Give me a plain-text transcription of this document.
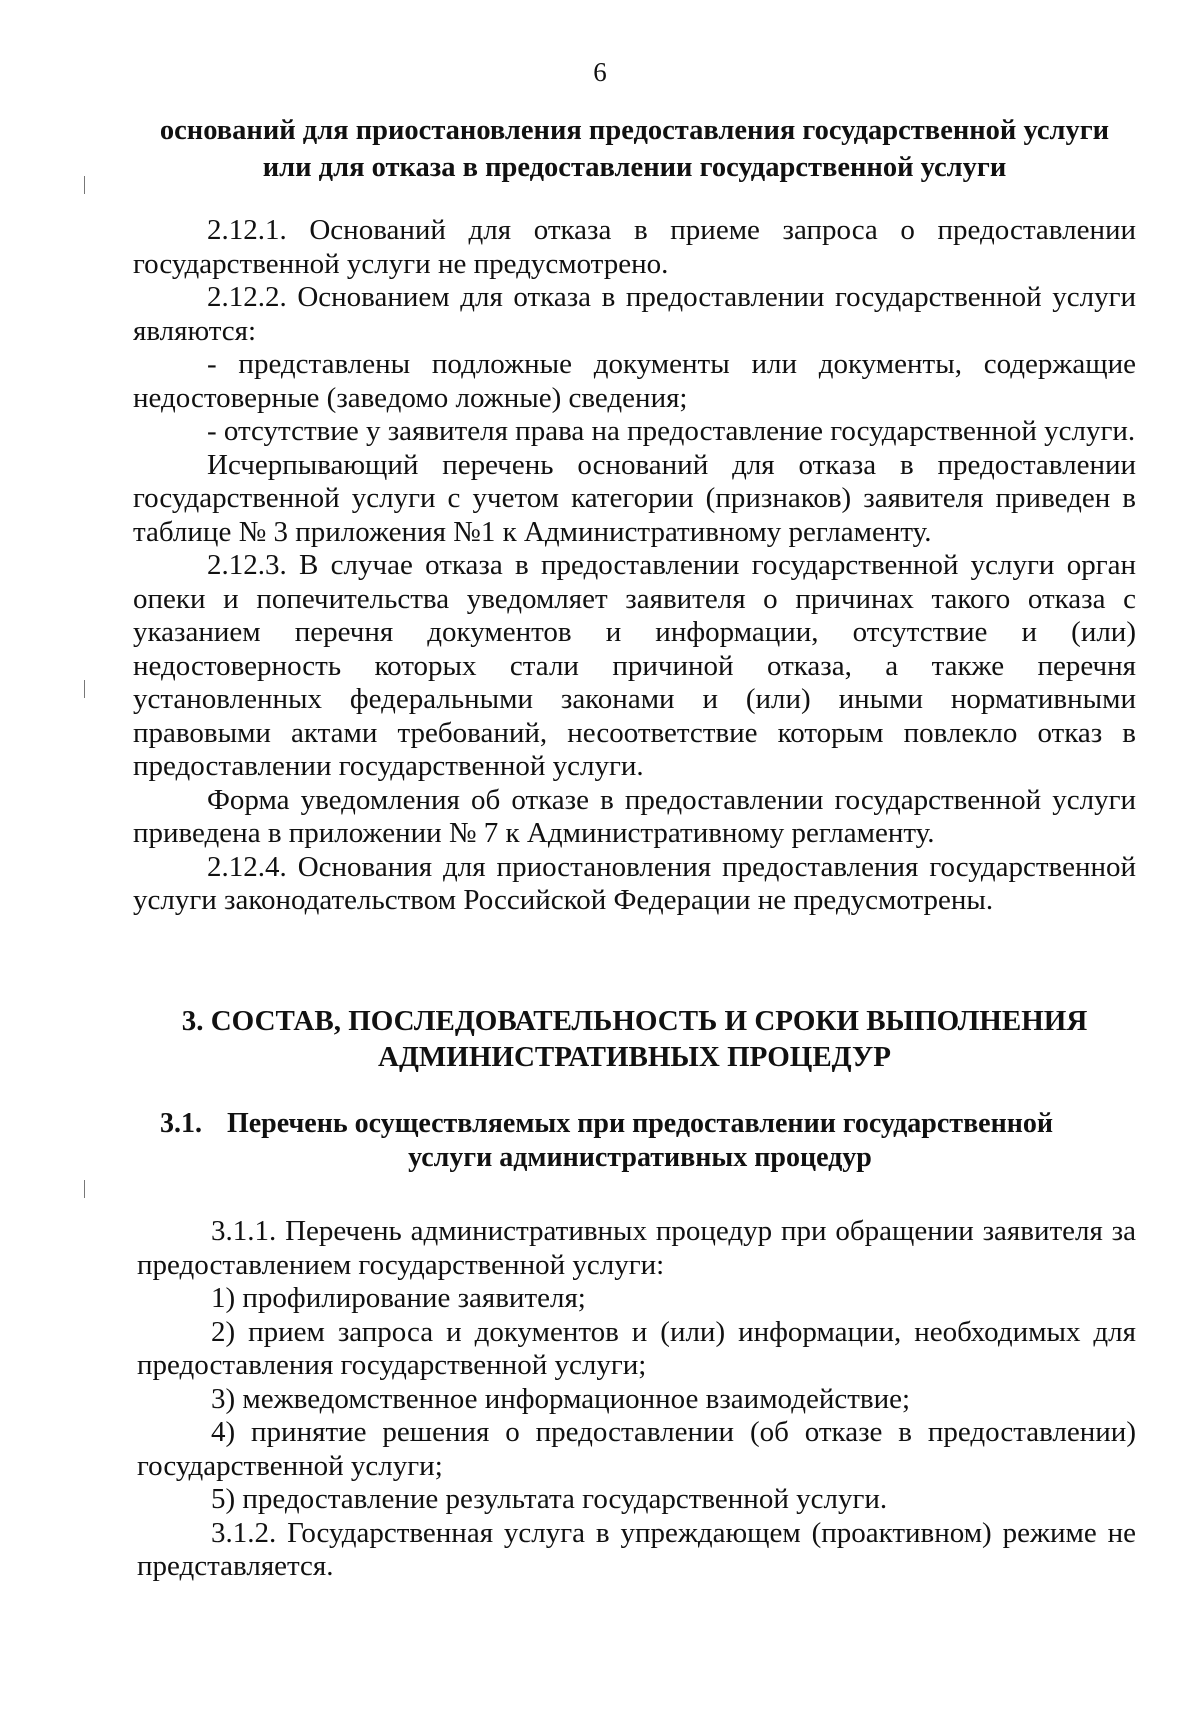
6
оснований для приостановления предоставления государственной услуги
или для отказа в предоставлении государственной услуги

2.12.1. Оснований для отказа в приеме запроса о предоставлении государственной услуги не предусмотрено.

2.12.2. Основанием для отказа в предоставлении государственной услуги являются:

- представлены подложные документы или документы, содержащие недостоверные (заведомо ложные) сведения;

- отсутствие у заявителя права на предоставление государственной услуги.

Исчерпывающий перечень оснований для отказа в предоставлении государственной услуги с учетом категории (признаков) заявителя приведен в таблице № 3 приложения №1 к Административному регламенту.

2.12.3. В случае отказа в предоставлении государственной услуги орган опеки и попечительства уведомляет заявителя о причинах такого отказа с указанием перечня документов и информации, отсутствие и (или) недостоверность которых стали причиной отказа, а также перечня установленных федеральными законами и (или) иными нормативными правовыми актами требований, несоответствие которым повлекло отказ в предоставлении государственной услуги.

Форма уведомления об отказе в предоставлении государственной услуги приведена в приложении № 7 к Административному регламенту.

2.12.4. Основания для приостановления предоставления государственной услуги законодательством Российской Федерации не предусмотрены.

3. СОСТАВ, ПОСЛЕДОВАТЕЛЬНОСТЬ И СРОКИ ВЫПОЛНЕНИЯ
АДМИНИСТРАТИВНЫХ ПРОЦЕДУР
3.1. Перечень осуществляемых при предоставлении государственной
услуги административных процедур

3.1.1. Перечень административных процедур при обращении заявителя за предоставлением государственной услуги:

1) профилирование заявителя;

2) прием запроса и документов и (или) информации, необходимых для предоставления государственной услуги;

3) межведомственное информационное взаимодействие;

4) принятие решения о предоставлении (об отказе в предоставлении) государственной услуги;

5) предоставление результата государственной услуги.

3.1.2. Государственная услуга в упреждающем (проактивном) режиме не представляется.
